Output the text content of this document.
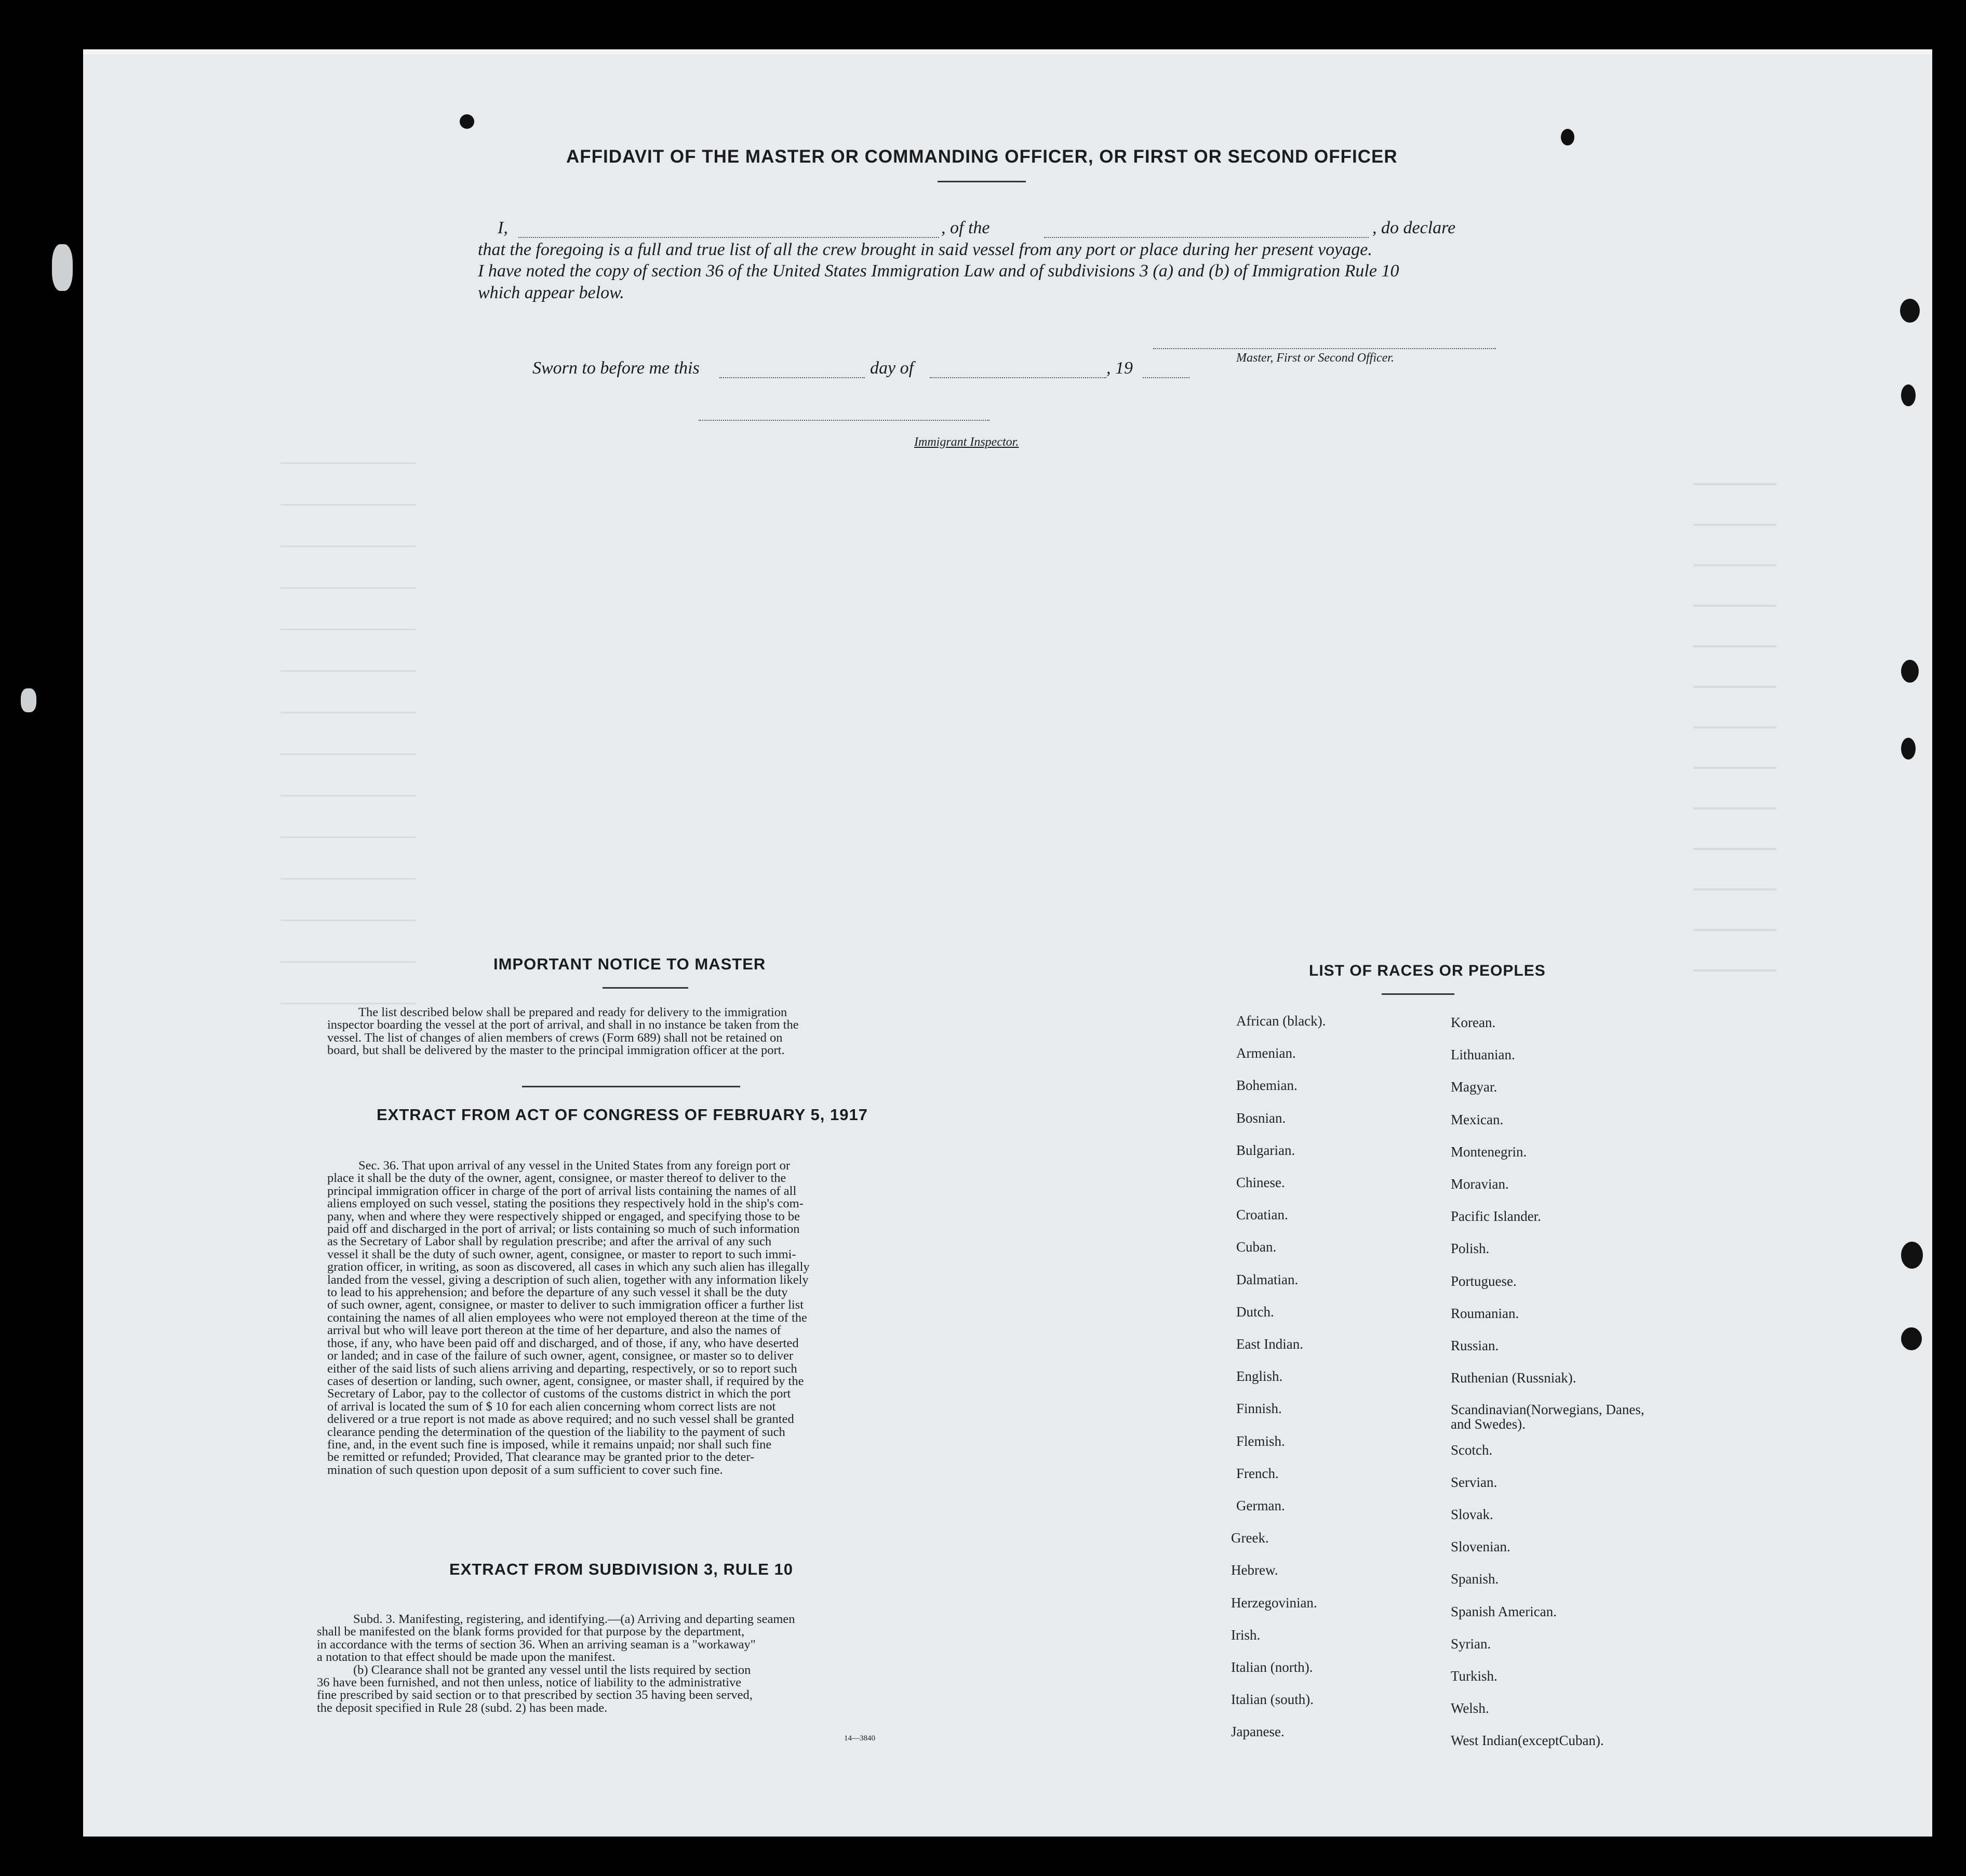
AFFIDAVIT OF THE MASTER OR COMMANDING OFFICER, OR FIRST OR SECOND OFFICER
I,	, of the	, do declare
that the foregoing is a full and true list of all the crew brought in said vessel from any port or place during her present voyage.
I have noted the copy of section 36 of the United States Immigration Law and of subdivisions 3 (a) and (b) of Immigration Rule 10
which appear below.
Master, First or Second Officer.
Sworn to before me this	day of	, 19
Immigrant Inspector.
IMPORTANT NOTICE TO MASTER
The list described below shall be prepared and ready for delivery to the immigration
inspector boarding the vessel at the port of arrival, and shall in no instance be taken from the
vessel. The list of changes of alien members of crews (Form 689) shall not be retained on
board, but shall be delivered by the master to the principal immigration officer at the port.
EXTRACT FROM ACT OF CONGRESS OF FEBRUARY 5, 1917
Sec. 36. That upon arrival of any vessel in the United States from any foreign port or
place it shall be the duty of the owner, agent, consignee, or master thereof to deliver to the
principal immigration officer in charge of the port of arrival lists containing the names of all
aliens employed on such vessel, stating the positions they respectively hold in the ship's com-
pany, when and where they were respectively shipped or engaged, and specifying those to be
paid off and discharged in the port of arrival; or lists containing so much of such information
as the Secretary of Labor shall by regulation prescribe; and after the arrival of any such
vessel it shall be the duty of such owner, agent, consignee, or master to report to such immi-
gration officer, in writing, as soon as discovered, all cases in which any such alien has illegally
landed from the vessel, giving a description of such alien, together with any information likely
to lead to his apprehension; and before the departure of any such vessel it shall be the duty
of such owner, agent, consignee, or master to deliver to such immigration officer a further list
containing the names of all alien employees who were not employed thereon at the time of the
arrival but who will leave port thereon at the time of her departure, and also the names of
those, if any, who have been paid off and discharged, and of those, if any, who have deserted
or landed; and in case of the failure of such owner, agent, consignee, or master so to deliver
either of the said lists of such aliens arriving and departing, respectively, or so to report such
cases of desertion or landing, such owner, agent, consignee, or master shall, if required by the
Secretary of Labor, pay to the collector of customs of the customs district in which the port
of arrival is located the sum of $ 10 for each alien concerning whom correct lists are not
delivered or a true report is not made as above required; and no such vessel shall be granted
clearance pending the determination of the question of the liability to the payment of such
fine, and, in the event such fine is imposed, while it remains unpaid; nor shall such fine
be remitted or refunded; Provided, That clearance may be granted prior to the deter-
mination of such question upon deposit of a sum sufficient to cover such fine.
EXTRACT FROM SUBDIVISION 3, RULE 10
Subd. 3. Manifesting, registering, and identifying.—(a) Arriving and departing seamen
shall be manifested on the blank forms provided for that purpose by the department,
in accordance with the terms of section 36. When an arriving seaman is a "workaway"
a notation to that effect should be made upon the manifest.
(b) Clearance shall not be granted any vessel until the lists required by section
36 have been furnished, and not then unless, notice of liability to the administrative
fine prescribed by said section or to that prescribed by section 35 having been served,
the deposit specified in Rule 28 (subd. 2) has been made.
14—3840
LIST OF RACES OR PEOPLES
African (black).
Armenian.
Bohemian.
Bosnian.
Bulgarian.
Chinese.
Croatian.
Cuban.
Dalmatian.
Dutch.
East Indian.
English.
Finnish.
Flemish.
French.
German.
Greek.
Hebrew.
Herzegovinian.
Irish.
Italian (north).
Italian (south).
Japanese.
Korean.
Lithuanian.
Magyar.
Mexican.
Montenegrin.
Moravian.
Pacific Islander.
Polish.
Portuguese.
Roumanian.
Russian.
Ruthenian (Russniak).
Scandinavian(Norwegians, Danes, and Swedes).
Scotch.
Servian.
Slovak.
Slovenian.
Spanish.
Spanish American.
Syrian.
Turkish.
Welsh.
West Indian(exceptCuban).
